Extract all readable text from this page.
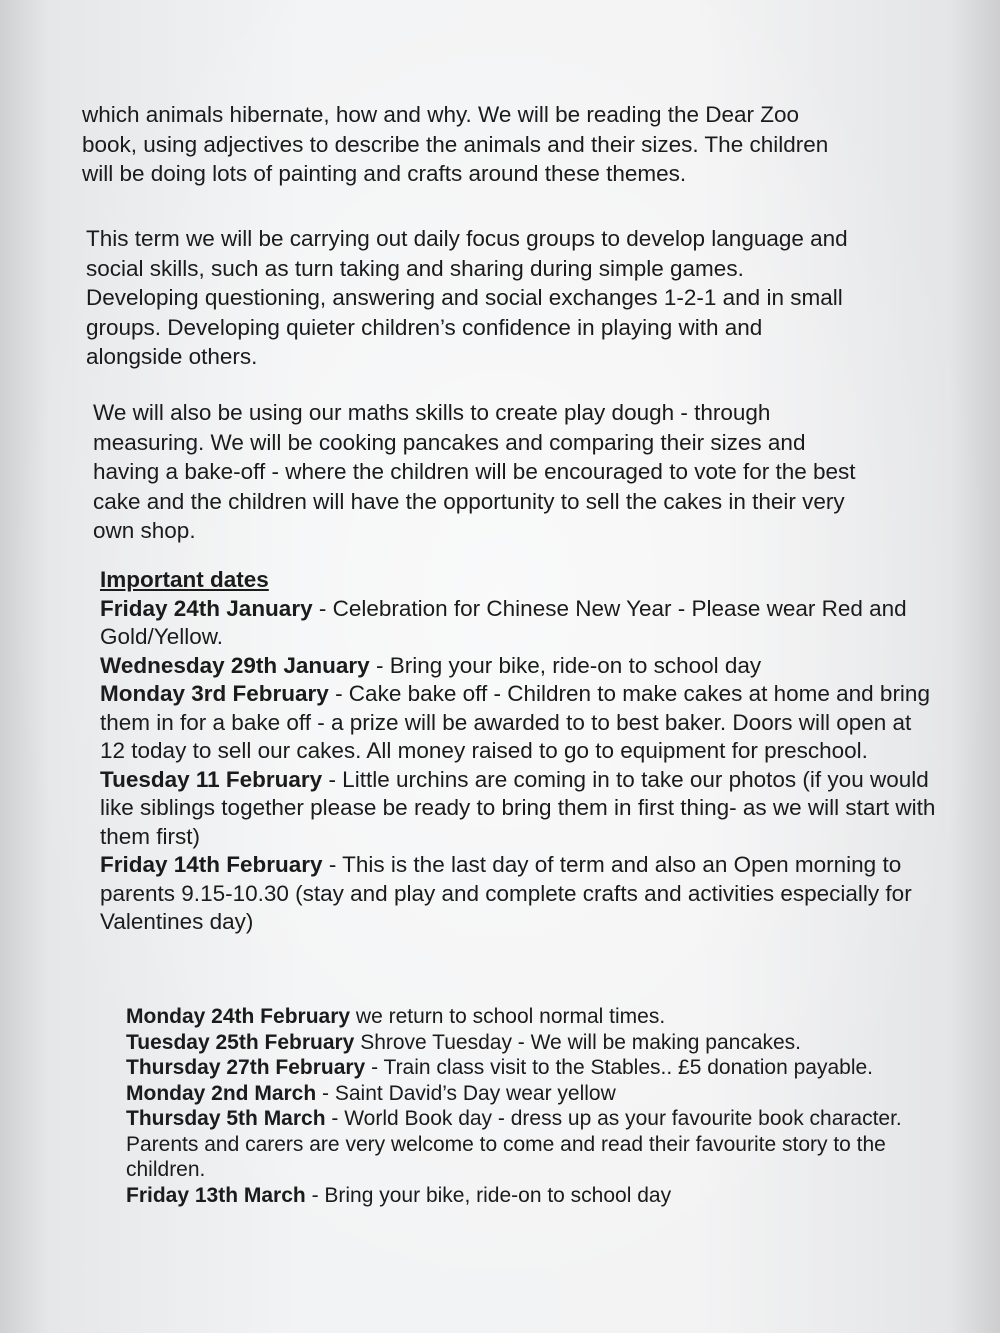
which animals hibernate, how and why. We will be reading the Dear Zoo
book, using adjectives to describe the animals and their sizes. The children
will be doing lots of painting and crafts around these themes.

This term we will be carrying out daily focus groups to develop language and
social skills, such as turn taking and sharing during simple games.
Developing questioning, answering and social exchanges 1-2-1 and in small
groups. Developing quieter children’s confidence in playing with and
alongside others.

We will also be using our maths skills to create play dough - through
measuring. We will be cooking pancakes and comparing their sizes and
having a bake-off - where the children will be encouraged to vote for the best
cake and the children will have the opportunity to sell the cakes in their very
own shop.

Important dates

Friday 24th January - Celebration for Chinese New Year - Please wear Red and Gold/Yellow.

Wednesday 29th January - Bring your bike, ride-on to school day

Monday 3rd February - Cake bake off - Children to make cakes at home and bring them in for a bake off - a prize will be awarded to to best baker. Doors will open at 12 today to sell our cakes. All money raised to go to equipment for preschool.

Tuesday 11 February - Little urchins are coming in to take our photos (if you would like siblings together please be ready to bring them in first thing- as we will start with them first)

Friday 14th February - This is the last day of term and also an Open morning to parents 9.15-10.30 (stay and play and complete crafts and activities especially for Valentines day)

Monday 24th February we return to school normal times.

Tuesday 25th February Shrove Tuesday - We will be making pancakes.

Thursday 27th February - Train class visit to the Stables.. £5 donation payable.

Monday 2nd March - Saint David’s Day wear yellow

Thursday 5th March - World Book day - dress up as your favourite book character. Parents and carers are very welcome to come and read their favourite story to the children.

Friday 13th March - Bring your bike, ride-on to school day
